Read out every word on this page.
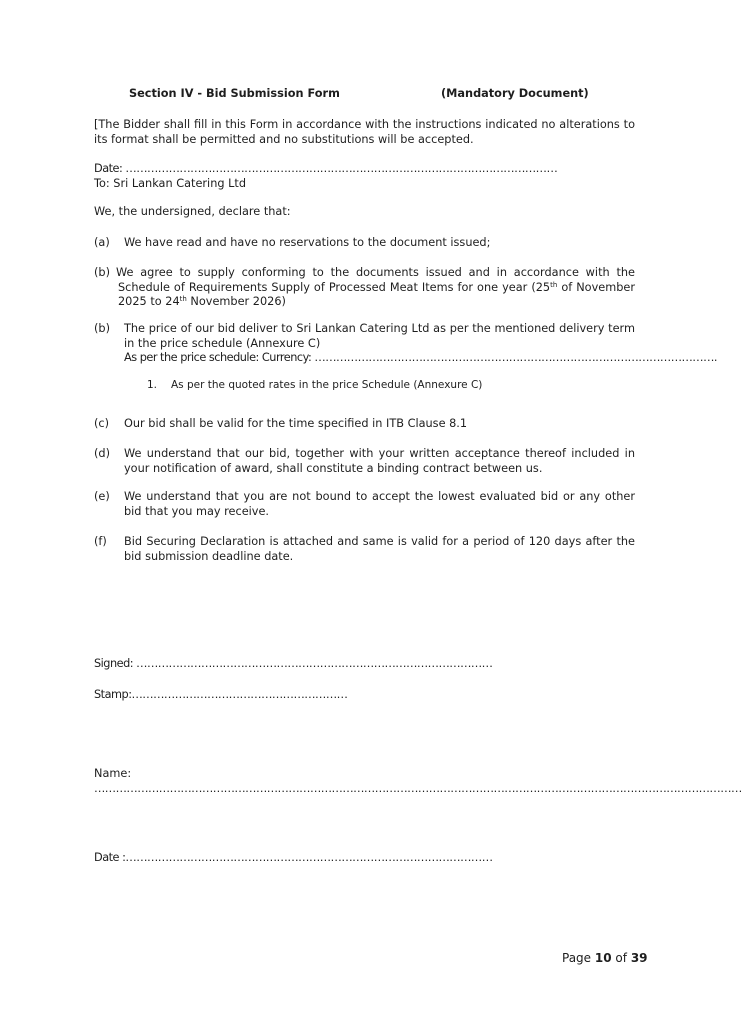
Section IV - Bid Submission Form	(Mandatory Document)
[The Bidder shall fill in this Form in accordance with the instructions indicated no alterations to its format shall be permitted and no substitutions will be accepted.
Date: …………………………………………………………………………………………………………
To: Sri Lankan Catering Ltd
We, the undersigned, declare that:
(a) We have read and have no reservations to the document issued;
(b) We agree to supply conforming to the documents issued and in accordance with the Schedule of Requirements Supply of Processed Meat Items for one year (25th of November 2025 to 24th November 2026)
(b) The price of our bid deliver to Sri Lankan Catering Ltd as per the mentioned delivery term in the price schedule (Annexure C)
As per the price schedule: Currency: ………………………………………………………………………………………………….
1. As per the quoted rates in the price Schedule (Annexure C)
(c) Our bid shall be valid for the time specified in ITB Clause 8.1
(d) We understand that our bid, together with your written acceptance thereof included in your notification of award, shall constitute a binding contract between us.
(e) We understand that you are not bound to accept the lowest evaluated bid or any other bid that you may receive.
(f) Bid Securing Declaration is attached and same is valid for a period of 120 days after the bid submission deadline date.
Signed: ………………………………………………………………………………………
Stamp:……………………………………………………
Name:
………………………………………………………………………………………………………………………………………………………………
Date :…………………………………………………………………………………………
Page 10 of 39
